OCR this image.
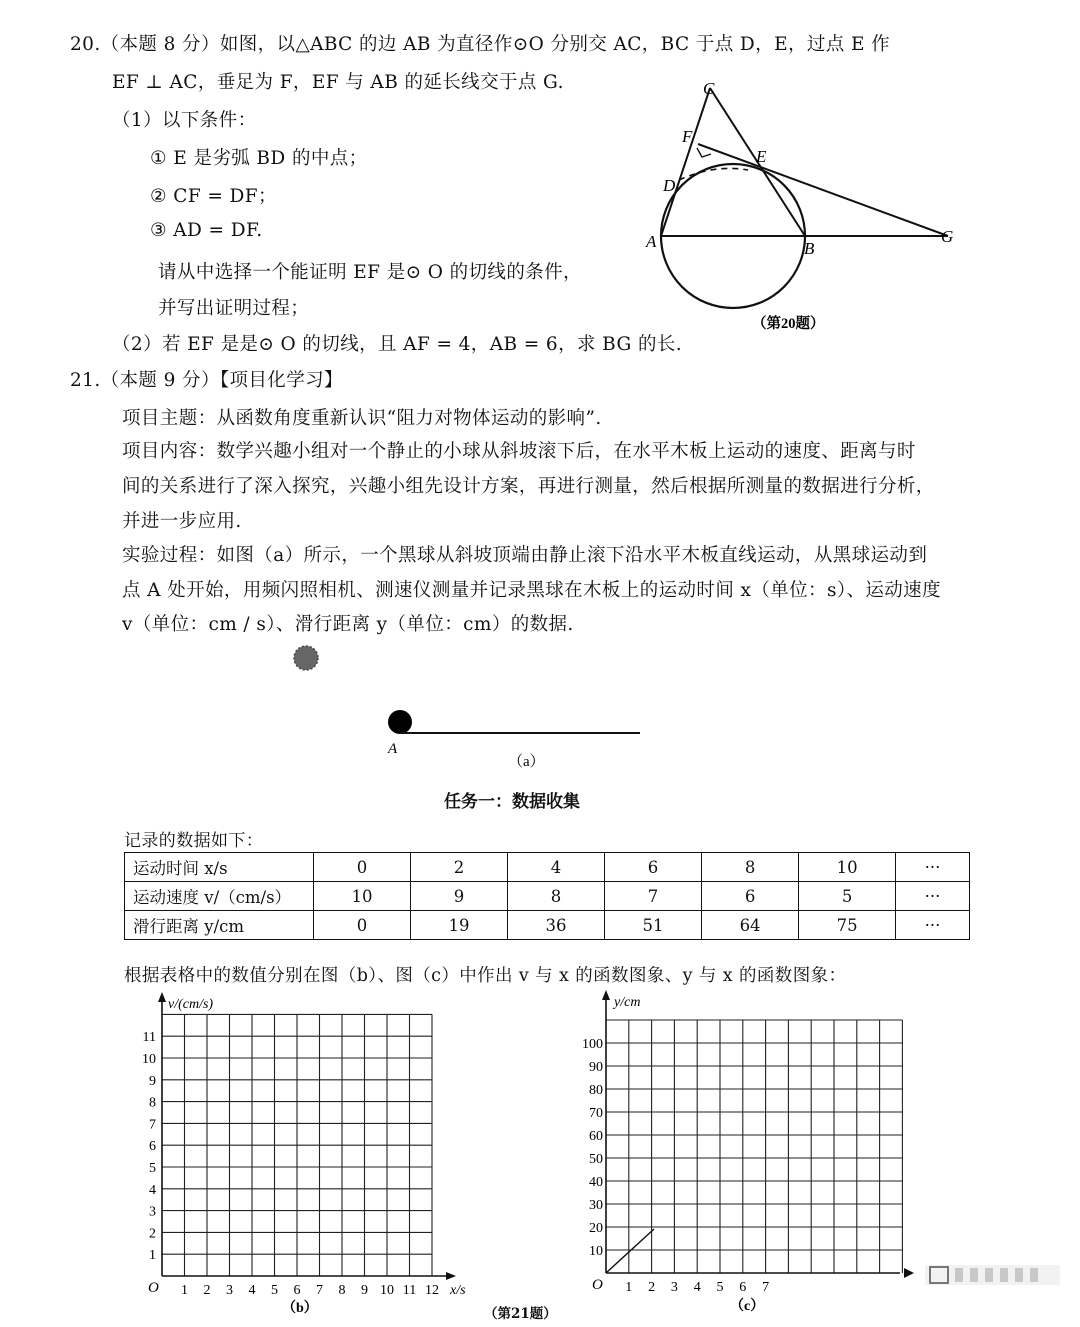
20.（本题 8 分）如图，以△ABC 的边 AB 为直径作⊙O 分别交 AC，BC 于点 D，E，过点 E 作
EF ⊥ AC，垂足为 F，EF 与 AB 的延长线交于点 G.
（1）以下条件：
① E 是劣弧 BD 的中点；
② CF = DF；
③ AD = DF.
请从中选择一个能证明 EF 是⊙ O 的切线的条件，
并写出证明过程；
（2）若 EF 是是⊙ O 的切线，且 AF = 4，AB = 6，求 BG 的长.
C
F
E
D
A	B
G
（第20题）
21.（本题 9 分）【项目化学习】
项目主题：从函数角度重新认识“阻力对物体运动的影响”.
项目内容：数学兴趣小组对一个静止的小球从斜坡滚下后，在水平木板上运动的速度、距离与时
间的关系进行了深入探究，兴趣小组先设计方案，再进行测量，然后根据所测量的数据进行分析，
并进一步应用.
实验过程：如图（a）所示，一个黑球从斜坡顶端由静止滚下沿水平木板直线运动，从黑球运动到
点 A 处开始，用频闪照相机、测速仪测量并记录黑球在木板上的运动时间 x（单位：s）、运动速度
v（单位：cm / s）、滑行距离 y（单位：cm）的数据.
A
（a）
任务一：数据收集
记录的数据如下：
运动时间 x/s	0	2	4	6	8	10	···
运动速度 v/（cm/s）	10	9	8	7	6	5	···
滑行距离 y/cm	0	19	36	51	64	75	···
根据表格中的数值分别在图（b）、图（c）中作出 v 与 x 的函数图象、y 与 x 的函数图象：
1
2
3
4
5
6
7
8
9
10
11
1 2 3 4 5 6 7 8 9 10 11 12
v/(cm/s)
x/s
O
（b）	（第21题）
10
20
30
40
50
60
70
80
90
100
1 2 3 4 5 6 7
y/cm
O
（c）
